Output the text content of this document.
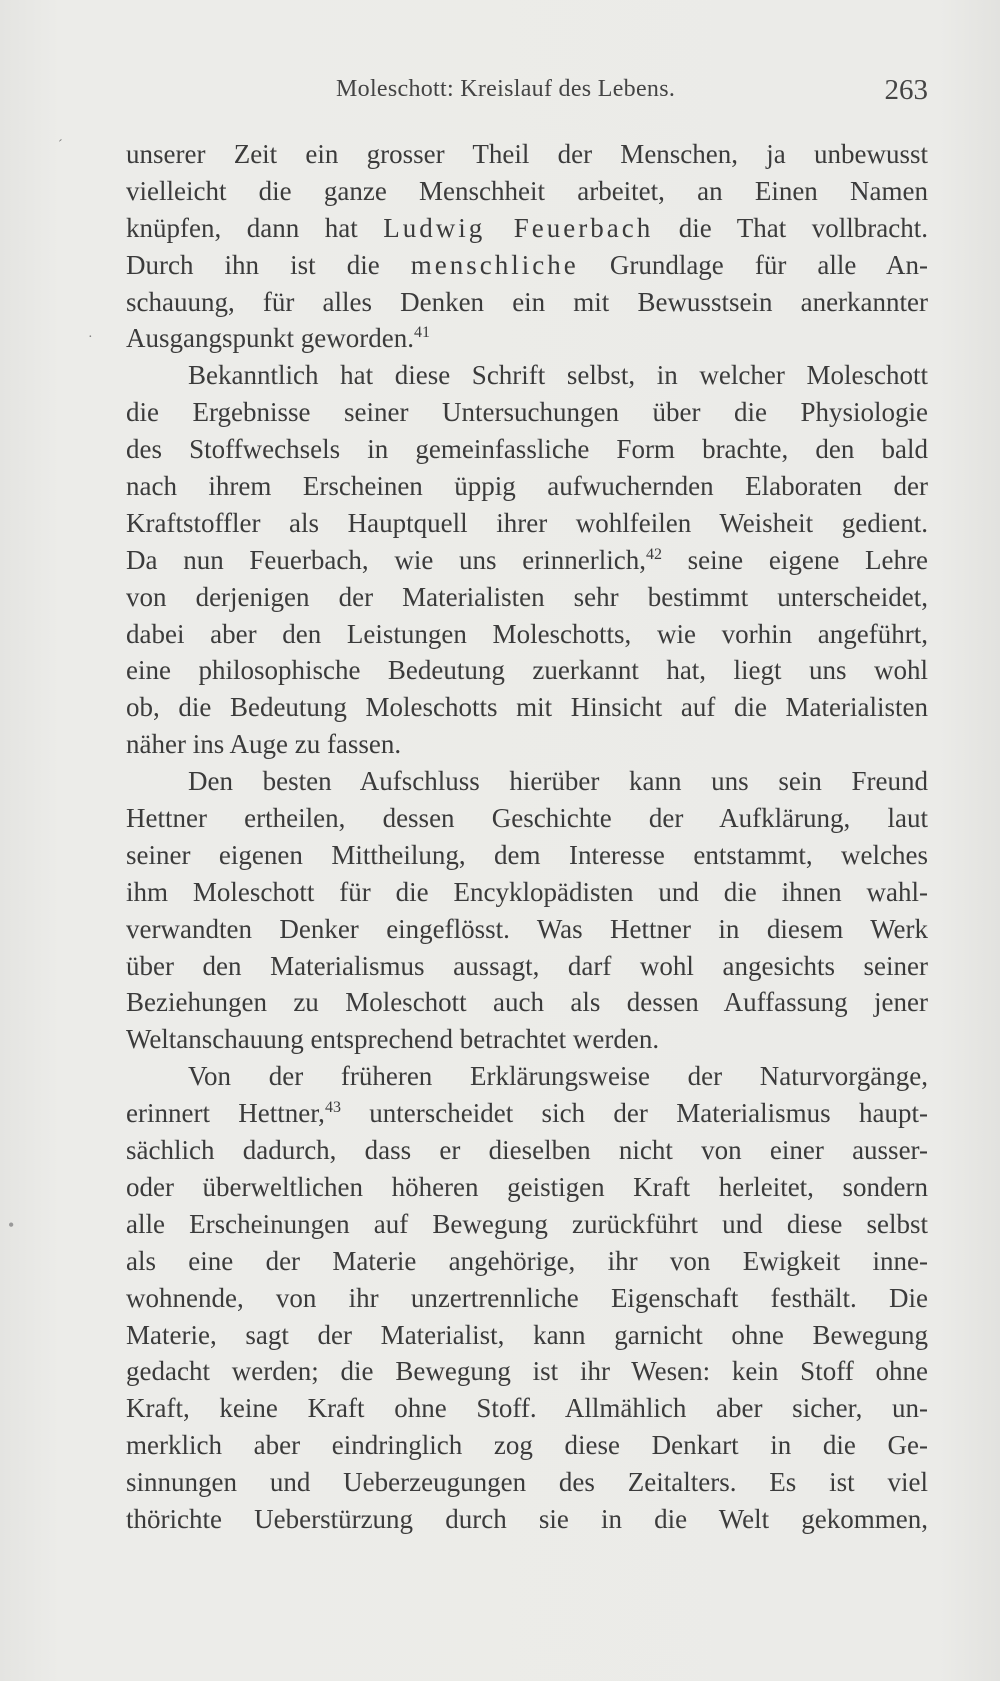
Moleschott: Kreislauf des Lebens.	263
unserer Zeit ein grosser Theil der Menschen, ja unbewusst
vielleicht die ganze Menschheit arbeitet, an Einen Namen
knüpfen, dann hat Ludwig Feuerbach die That vollbracht.
Durch ihn ist die menschliche Grundlage für alle An-
schauung, für alles Denken ein mit Bewusstsein anerkannter
Ausgangspunkt geworden.$^{41}$
Bekanntlich hat diese Schrift selbst, in welcher Moleschott
die Ergebnisse seiner Untersuchungen über die Physiologie
des Stoffwechsels in gemeinfassliche Form brachte, den bald
nach ihrem Erscheinen üppig aufwuchernden Elaboraten der
Kraftstoffler als Hauptquell ihrer wohlfeilen Weisheit gedient.
Da nun Feuerbach, wie uns erinnerlich,$^{42}$ seine eigene Lehre
von derjenigen der Materialisten sehr bestimmt unterscheidet,
dabei aber den Leistungen Moleschotts, wie vorhin angeführt,
eine philosophische Bedeutung zuerkannt hat, liegt uns wohl
ob, die Bedeutung Moleschotts mit Hinsicht auf die Materialisten
näher ins Auge zu fassen.
Den besten Aufschluss hierüber kann uns sein Freund
Hettner ertheilen, dessen Geschichte der Aufklärung, laut
seiner eigenen Mittheilung, dem Interesse entstammt, welches
ihm Moleschott für die Encyklopädisten und die ihnen wahl-
verwandten Denker eingeflösst. Was Hettner in diesem Werk
über den Materialismus aussagt, darf wohl angesichts seiner
Beziehungen zu Moleschott auch als dessen Auffassung jener
Weltanschauung entsprechend betrachtet werden.
Von der früheren Erklärungsweise der Naturvorgänge,
erinnert Hettner,$^{43}$ unterscheidet sich der Materialismus haupt-
sächlich dadurch, dass er dieselben nicht von einer ausser-
oder überweltlichen höheren geistigen Kraft herleitet, sondern
alle Erscheinungen auf Bewegung zurückführt und diese selbst
als eine der Materie angehörige, ihr von Ewigkeit inne-
wohnende, von ihr unzertrennliche Eigenschaft festhält. Die
Materie, sagt der Materialist, kann garnicht ohne Bewegung
gedacht werden; die Bewegung ist ihr Wesen: kein Stoff ohne
Kraft, keine Kraft ohne Stoff. Allmählich aber sicher, un-
merklich aber eindringlich zog diese Denkart in die Ge-
sinnungen und Ueberzeugungen des Zeitalters. Es ist viel
thörichte Ueberstürzung durch sie in die Welt gekommen,
´
·
•
